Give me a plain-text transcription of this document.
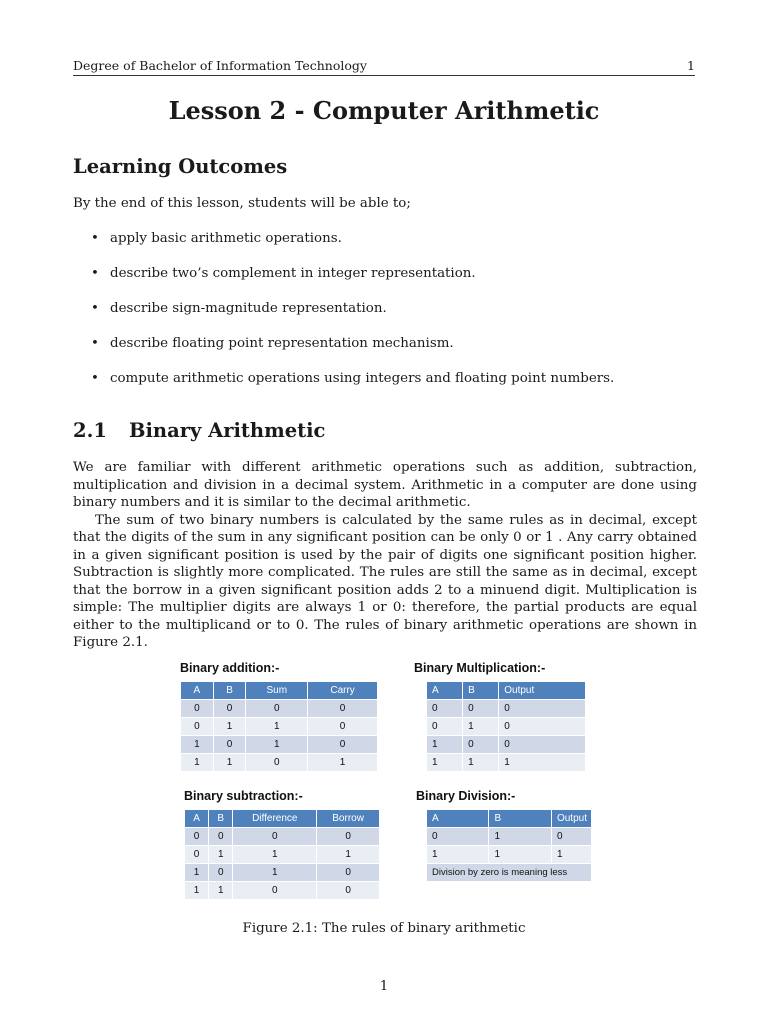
Degree of Bachelor of Information Technology	1
Lesson 2 - Computer Arithmetic
Learning Outcomes

By the end of this lesson, students will be able to;

• apply basic arithmetic operations.
• describe two’s complement in integer representation.
• describe sign-magnitude representation.
• describe floating point representation mechanism.
• compute arithmetic operations using integers and floating point numbers.
2.1	Binary Arithmetic

We are familiar with different arithmetic operations such as addition, subtraction, multiplication and division in a decimal system. Arithmetic in a computer are done using binary numbers and it is similar to the decimal arithmetic.

The sum of two binary numbers is calculated by the same rules as in decimal, except that the digits of the sum in any significant position can be only 0 or 1 . Any carry obtained in a given significant position is used by the pair of digits one significant position higher. Subtraction is slightly more complicated. The rules are still the same as in decimal, except that the borrow in a given significant position adds 2 to a minuend digit. Multiplication is simple: The multiplier digits are always 1 or 0: therefore, the partial products are equal either to the multiplicand or to 0. The rules of binary arithmetic operations are shown in Figure 2.1.

Binary addition:-
A	B	Sum	Carry
0	0	0	0
0	1	1	0
1	0	1	0
1	1	0	1
Binary Multiplication:-
A	B	Output
0	0	0
0	1	0
1	0	0
1	1	1
Binary subtraction:-
A	B	Difference	Borrow
0	0	0	0
0	1	1	1
1	0	1	0
1	1	0	0
Binary Division:-
A	B	Output
0	1	0
1	1	1
Division by zero is meaning less		
Figure 2.1: The rules of binary arithmetic
1
